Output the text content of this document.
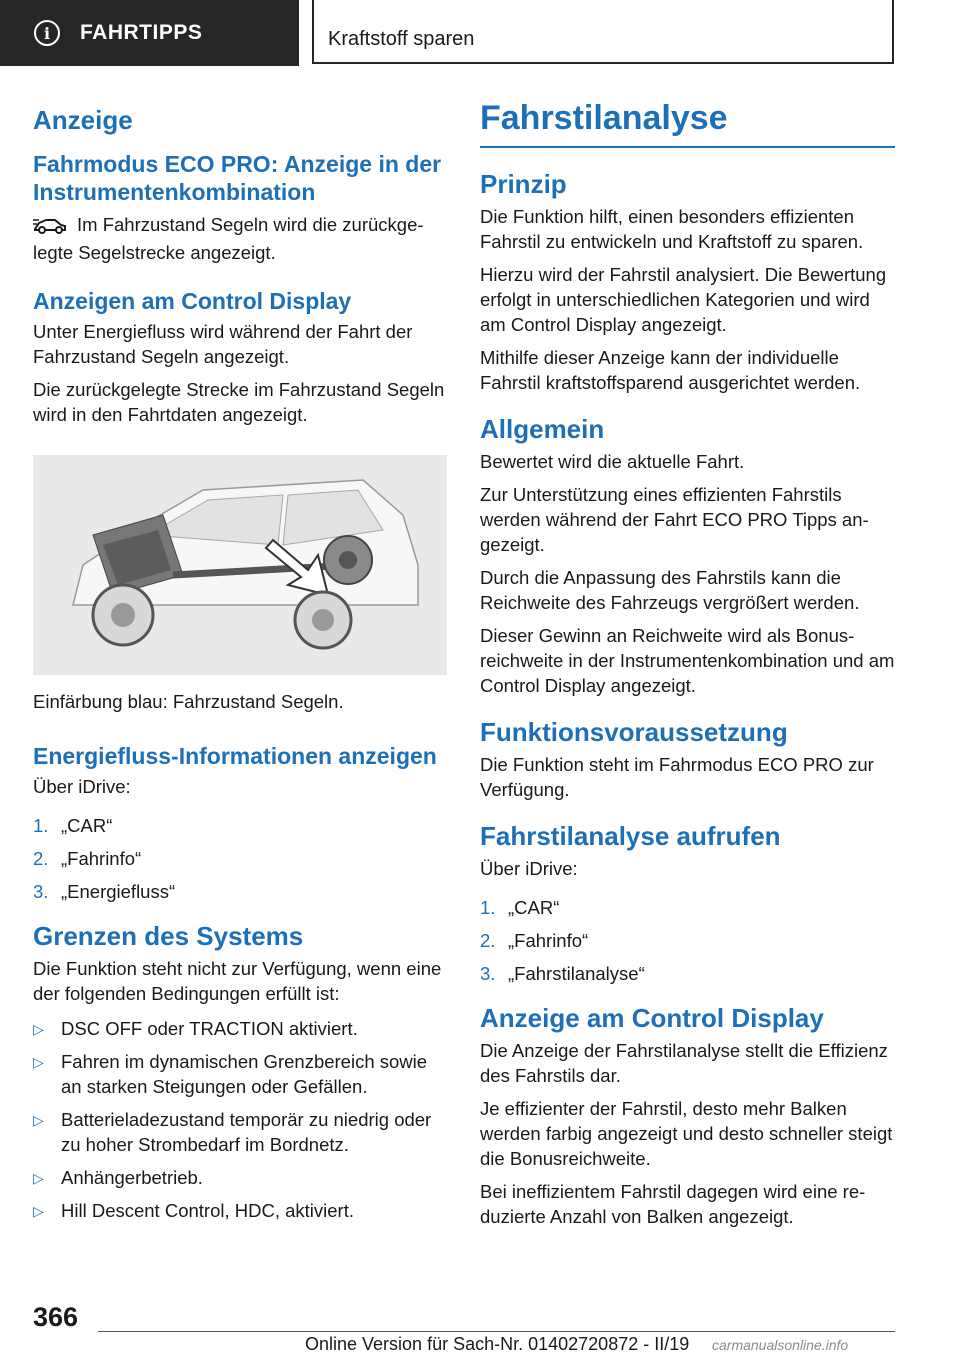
i	FAHRTIPPS	Kraftstoff sparen
Anzeige
Fahrmodus ECO PRO: Anzeige in der Instrumentenkombination

Im Fahrzustand Segeln wird die zurückgelegte Segelstrecke angezeigt.

Anzeigen am Control Display

Unter Energiefluss wird während der Fahrt der Fahrzustand Segeln angezeigt.

Die zurückgelegte Strecke im Fahrzustand Segeln wird in den Fahrtdaten angezeigt.

Einfärbung blau: Fahrzustand Segeln.

Energiefluss-Informationen anzeigen

Über iDrive:

1. „CAR“
2. „Fahrinfo“
3. „Energiefluss“
Grenzen des Systems

Die Funktion steht nicht zur Verfügung, wenn eine der folgenden Bedingungen erfüllt ist:

▷ DSC OFF oder TRACTION aktiviert.
▷ Fahren im dynamischen Grenzbereich sowie an starken Steigungen oder Gefällen.
▷ Batterieladezustand temporär zu niedrig oder zu hoher Strombedarf im Bordnetz.
▷ Anhängerbetrieb.
▷ Hill Descent Control, HDC, aktiviert.
Fahrstilanalyse
Prinzip

Die Funktion hilft, einen besonders effizienten Fahrstil zu entwickeln und Kraftstoff zu sparen.

Hierzu wird der Fahrstil analysiert. Die Bewertung erfolgt in unterschiedlichen Kategorien und wird am Control Display angezeigt.

Mithilfe dieser Anzeige kann der individuelle Fahrstil kraftstoffsparend ausgerichtet werden.

Allgemein

Bewertet wird die aktuelle Fahrt.

Zur Unterstützung eines effizienten Fahrstils werden während der Fahrt ECO PRO Tipps angezeigt.

Durch die Anpassung des Fahrstils kann die Reichweite des Fahrzeugs vergrößert werden.

Dieser Gewinn an Reichweite wird als Bonusreichweite in der Instrumentenkombination und am Control Display angezeigt.

Funktionsvoraussetzung

Die Funktion steht im Fahrmodus ECO PRO zur Verfügung.

Fahrstilanalyse aufrufen

Über iDrive:

1. „CAR“
2. „Fahrinfo“
3. „Fahrstilanalyse“
Anzeige am Control Display

Die Anzeige der Fahrstilanalyse stellt die Effizienz des Fahrstils dar.

Je effizienter der Fahrstil, desto mehr Balken werden farbig angezeigt und desto schneller steigt die Bonusreichweite.

Bei ineffizientem Fahrstil dagegen wird eine reduzierte Anzahl von Balken angezeigt.

366
Online Version für Sach-Nr. 01402720872 - II/19 carmanualsonline.info
